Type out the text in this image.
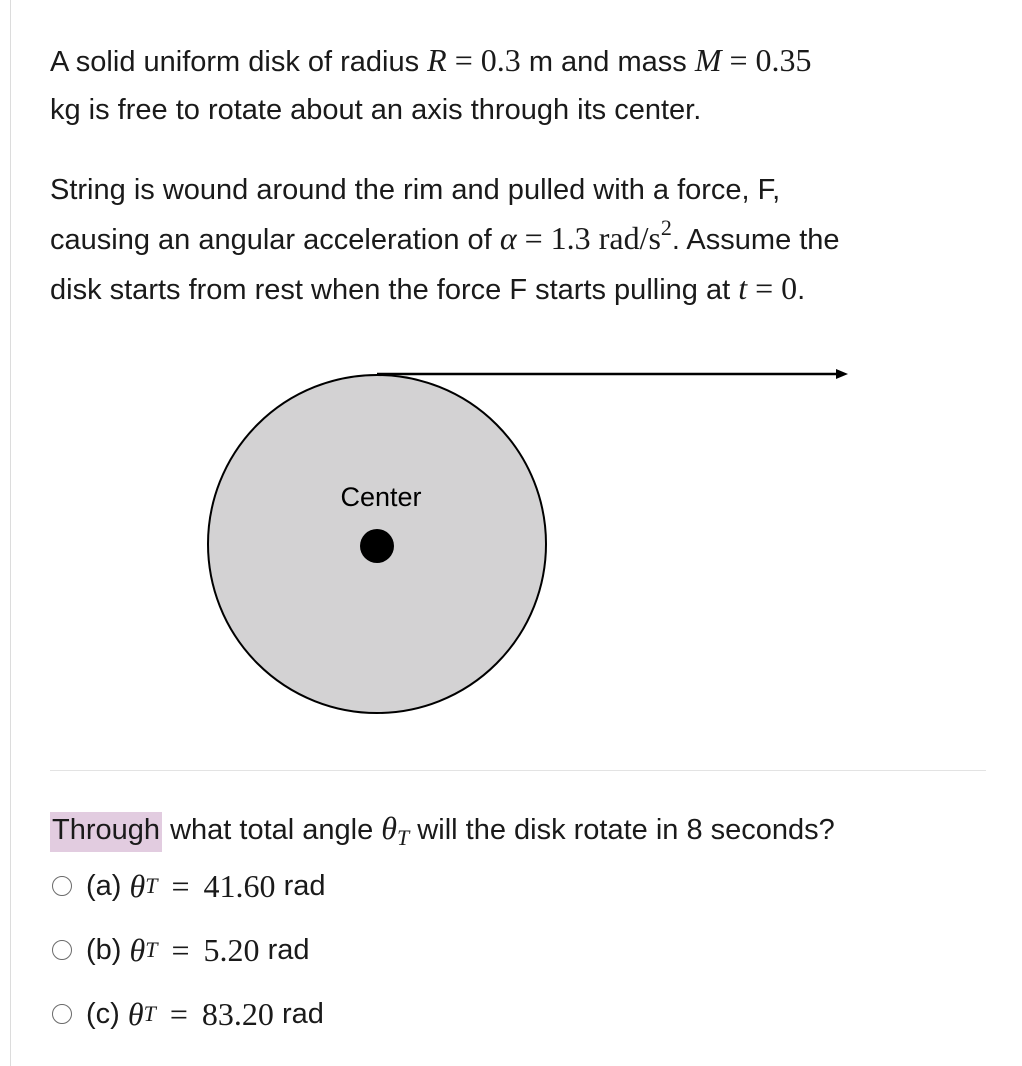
A solid uniform disk of radius R = 0.3 m and mass M = 0.35
kg is free to rotate about an axis through its center.

String is wound around the rim and pulled with a force, F,
causing an angular acceleration of α = 1.3 rad/$s^2$. Assume the
disk starts from rest when the force F starts pulling at t = 0.

Center
Through what total angle $\theta_T$ will the disk rotate in 8 seconds?
(a)
θ T = 41.60
rad
(b)
θ T = 5.20
rad
(c)
θ T = 83.20
rad
